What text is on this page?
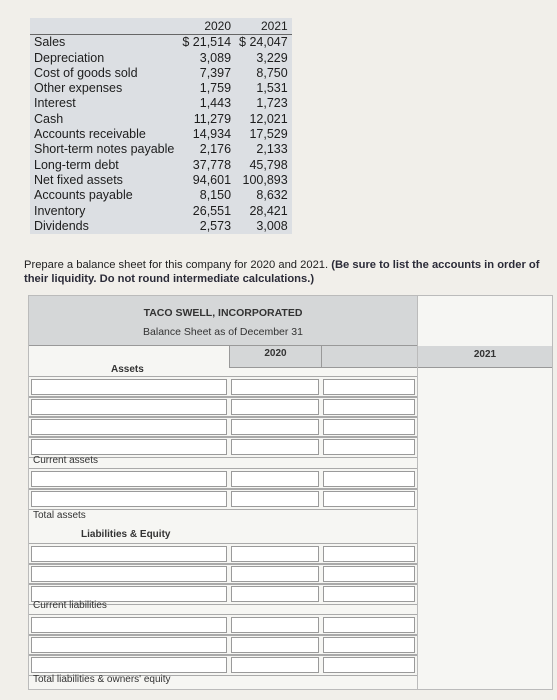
	2020	2021
Sales	$ 21,514	$ 24,047
Depreciation	3,089	3,229
Cost of goods sold	7,397	8,750
Other expenses	1,759	1,531
Interest	1,443	1,723
Cash	11,279	12,021
Accounts receivable	14,934	17,529
Short-term notes payable	2,176	2,133
Long-term debt	37,778	45,798
Net fixed assets	94,601	100,893
Accounts payable	8,150	8,632
Inventory	26,551	28,421
Dividends	2,573	3,008

Prepare a balance sheet for this company for 2020 and 2021. (Be sure to list the accounts in order of their liquidity. Do not round intermediate calculations.)

2021
TACO SWELL, INCORPORATED
Balance Sheet as of December 31
2020
Assets
Current assets
Total assets
Liabilities & Equity
Current liabilities
Total liabilities & owners' equity
